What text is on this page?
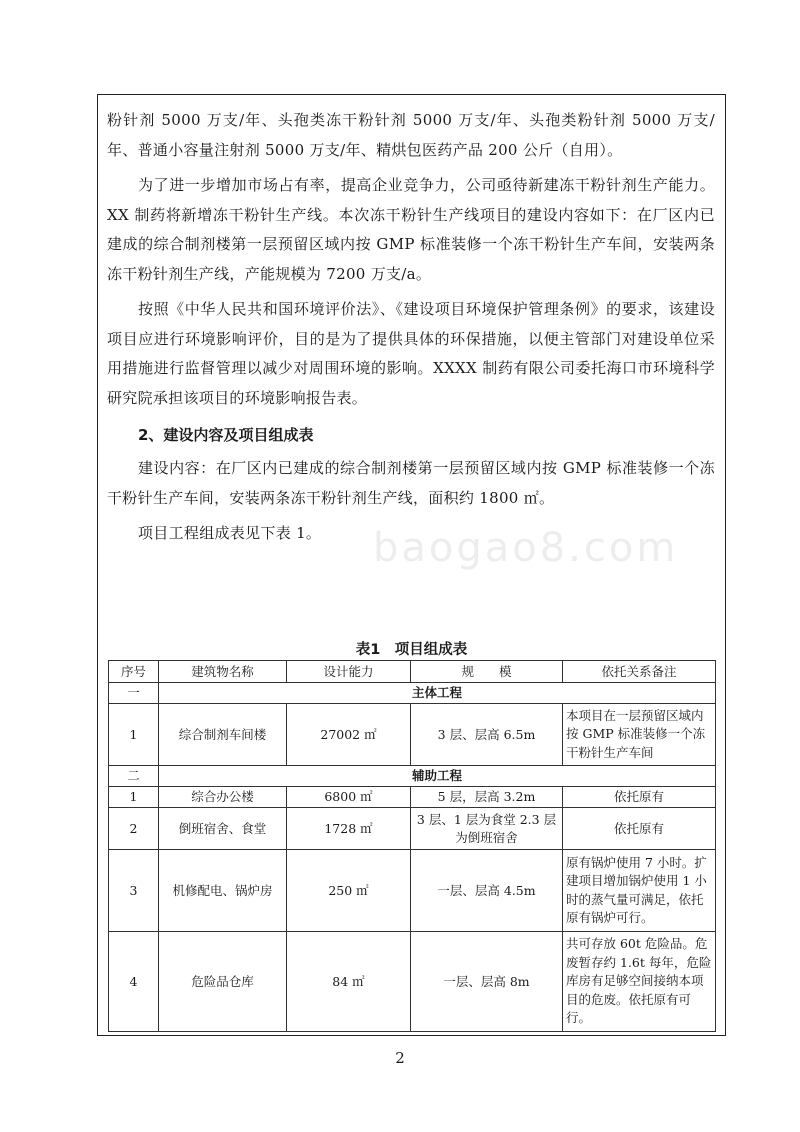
baogao8.com

粉针剂 5000 万支/年、头孢类冻干粉针剂 5000 万支/年、头孢类粉针剂 5000 万支/年、普通小容量注射剂 5000 万支/年、精烘包医药产品 200 公斤（自用）。

为了进一步增加市场占有率，提高企业竞争力，公司亟待新建冻干粉针剂生产能力。XX 制药将新增冻干粉针生产线。本次冻干粉针生产线项目的建设内容如下：在厂区内已建成的综合制剂楼第一层预留区域内按 GMP 标准装修一个冻干粉针生产车间，安装两条冻干粉针剂生产线，产能规模为 7200 万支/a。

按照《中华人民共和国环境评价法》、《建设项目环境保护管理条例》的要求，该建设项目应进行环境影响评价，目的是为了提供具体的环保措施，以便主管部门对建设单位采用措施进行监督管理以减少对周围环境的影响。XXXX 制药有限公司委托海口市环境科学研究院承担该项目的环境影响报告表。

2、建设内容及项目组成表

建设内容：在厂区内已建成的综合制剂楼第一层预留区域内按 GMP 标准装修一个冻干粉针生产车间，安装两条冻干粉针剂生产线，面积约 1800 ㎡。

项目工程组成表见下表 1。

表1　项目组成表
序号	建筑物名称	设计能力	规　　模	依托关系备注
一	主体工程			
1	综合制剂车间楼	27002 ㎡	3 层、层高 6.5m	本项目在一层预留区域内按 GMP 标准装修一个冻干粉针生产车间
二	辅助工程			
1	综合办公楼	6800 ㎡	5 层，层高 3.2m	依托原有
2	倒班宿舍、食堂	1728 ㎡	3 层、1 层为食堂 2.3 层为倒班宿舍	依托原有
3	机修配电、锅炉房	250 ㎡	一层、层高 4.5m	原有锅炉使用 7 小时。扩建项目增加锅炉使用 1 小时的蒸气量可满足，依托原有锅炉可行。
4	危险品仓库	84 ㎡	一层、层高 8m	共可存放 60t 危险品。危废暂存约 1.6t 每年，危险库房有足够空间接纳本项目的危废。依托原有可行。
2
